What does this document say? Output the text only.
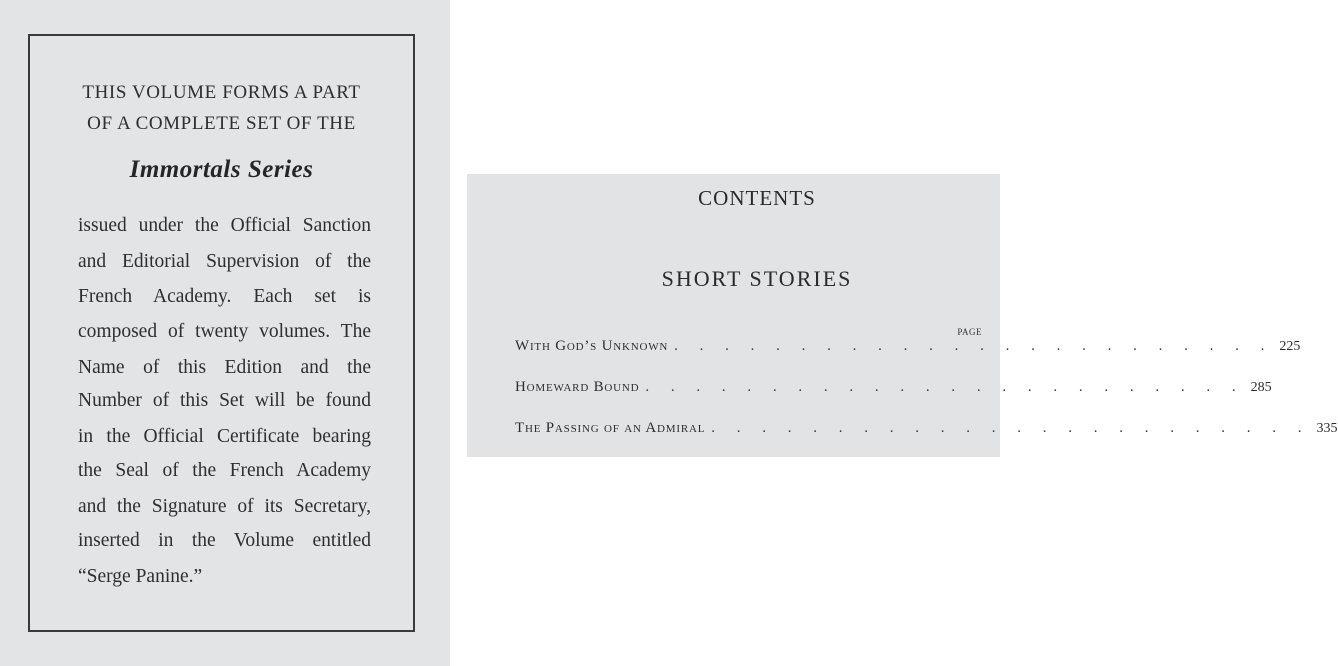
THIS VOLUME FORMS A PART
OF A COMPLETE SET OF THE
Immortals Series
issued under the Official Sanction
and Editorial Supervision of the
French Academy. Each set is
composed of twenty volumes. The
Name of this Edition and the
Number of this Set will be found
in the Official Certificate bearing
the Seal of the French Academy
and the Signature of its Secretary,
inserted in the Volume entitled
“Serge Panine.”
CONTENTS
SHORT STORIES
PAGE
With God’s Unknown . . . . . . . . . . . . . . . . . . . . . . . . 225
Homeward Bound . . . . . . . . . . . . . . . . . . . . . . . . 285
The Passing of an Admiral . . . . . . . . . . . . . . . . . . . . . . . . 335
